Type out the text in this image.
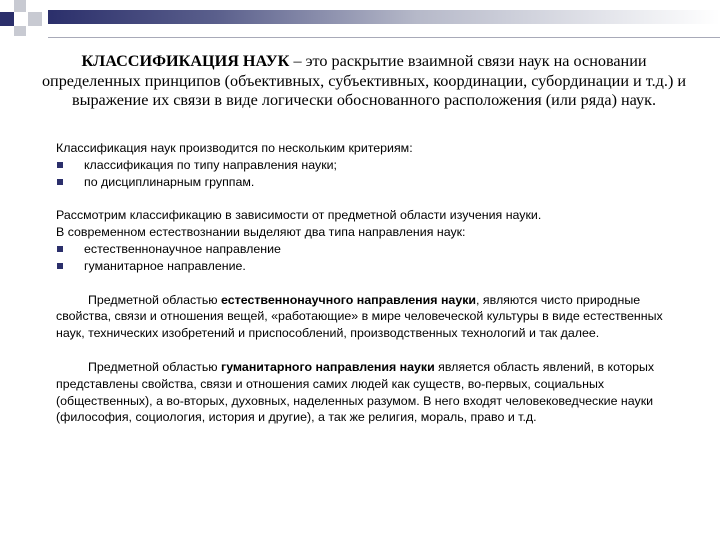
КЛАССИФИКАЦИЯ НАУК – это раскрытие взаимной связи наук на основании определенных принципов (объективных, субъективных, координации, субординации и т.д.) и выражение их связи в виде логически обоснованного расположения (или ряда) наук.

Классификация наук производится по нескольким критериям:

классификация по типу направления науки;
по дисциплинарным группам.

Рассмотрим классификацию в зависимости от предметной области изучения науки.

В современном естествознании выделяют два типа направления наук:

естественнонаучное направление
гуманитарное направление.

Предметной областью естественнонаучного направления науки, являются чисто природные свойства, связи и отношения вещей, «работающие» в мире человеческой культуры в виде естественных наук, технических изобретений и приспособлений, производственных технологий и так далее.

Предметной областью гуманитарного направления науки является область явлений, в которых представлены свойства, связи и отношения самих людей как существ, во-первых, социальных (общественных), а во-вторых, духовных, наделенных разумом. В него входят человековедческие науки (философия, социология, история и другие), а так же религия, мораль, право и т.д.
